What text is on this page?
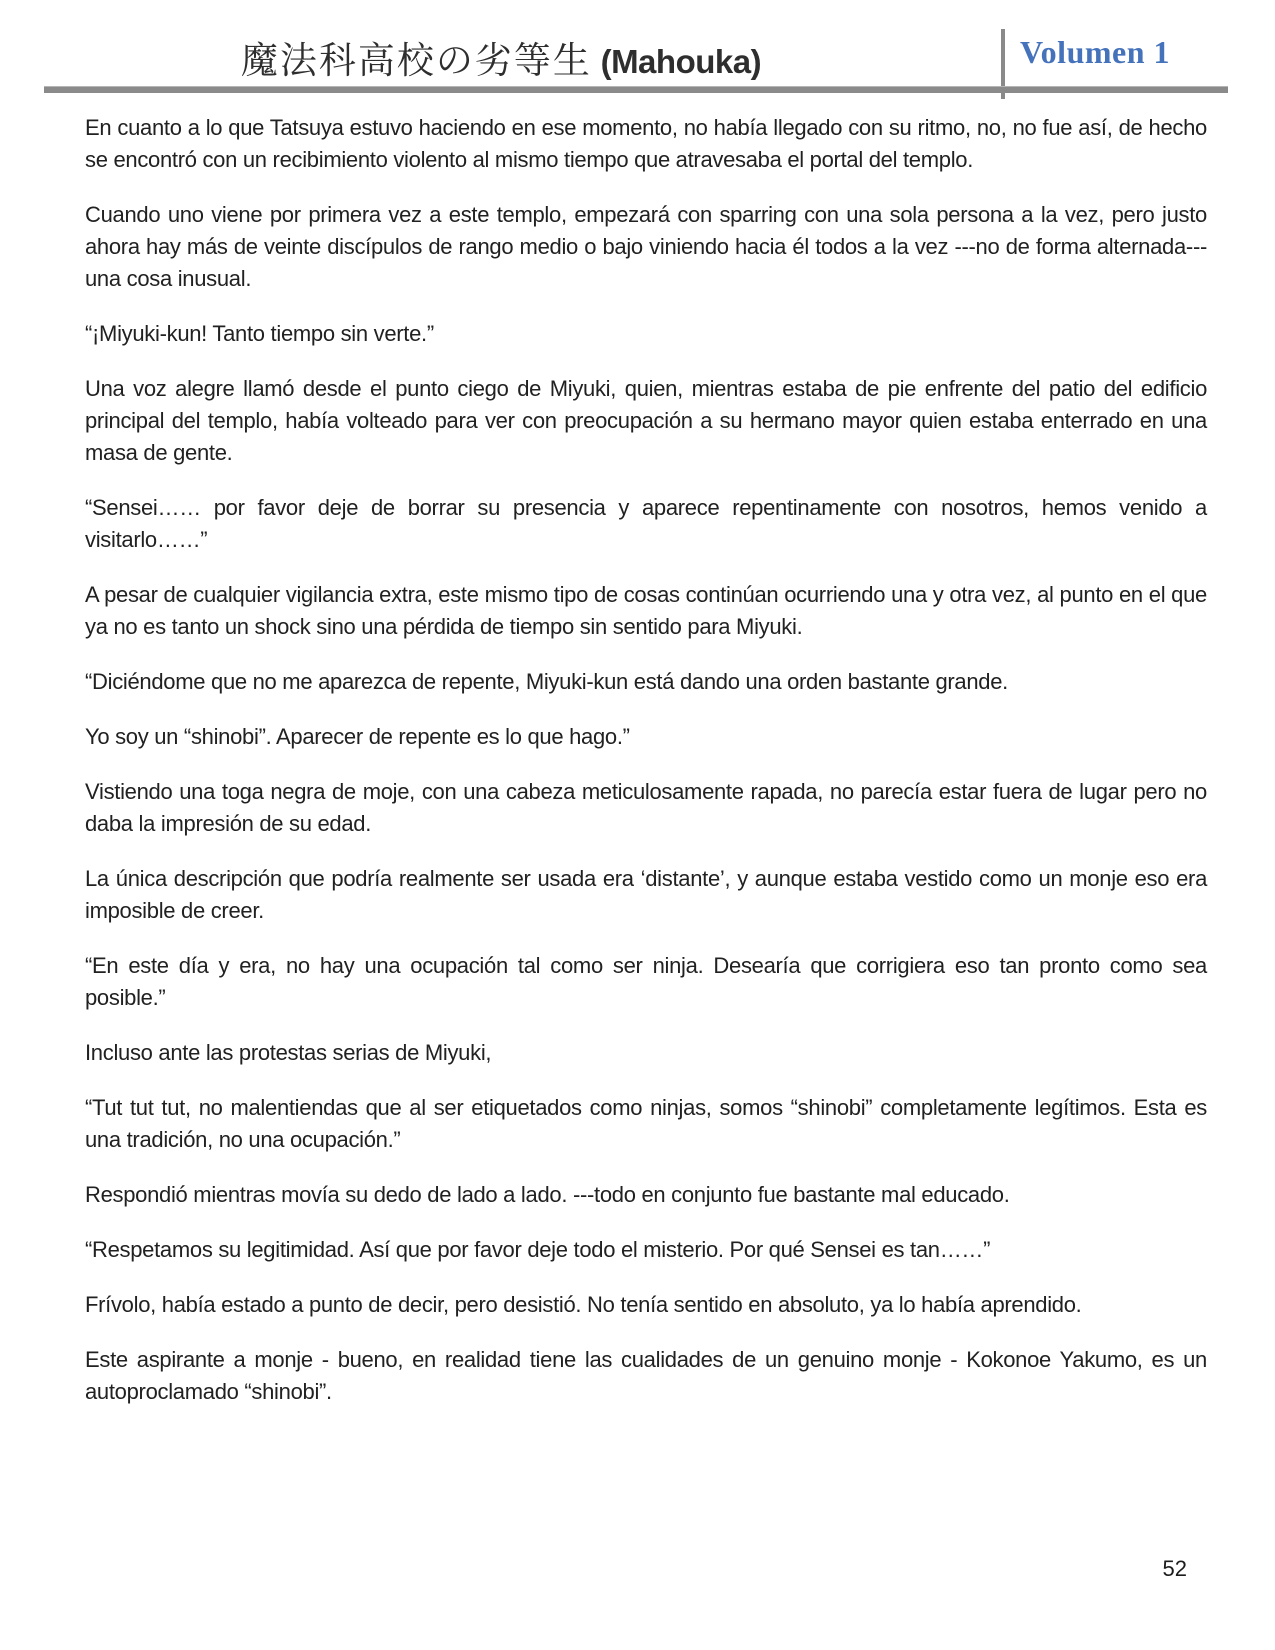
魔法科高校の劣等生 (Mahouka)	Volumen 1

En cuanto a lo que Tatsuya estuvo haciendo en ese momento, no había llegado con su ritmo, no, no fue así, de hecho se encontró con un recibimiento violento al mismo tiempo que atravesaba el portal del templo.

Cuando uno viene por primera vez a este templo, empezará con sparring con una sola persona a la vez, pero justo ahora hay más de veinte discípulos de rango medio o bajo viniendo hacia él todos a la vez ---no de forma alternada--- una cosa inusual.

“¡Miyuki-kun! Tanto tiempo sin verte.”

Una voz alegre llamó desde el punto ciego de Miyuki, quien, mientras estaba de pie enfrente del patio del edificio principal del templo, había volteado para ver con preocupación a su hermano mayor quien estaba enterrado en una masa de gente.

“Sensei…… por favor deje de borrar su presencia y aparece repentinamente con nosotros, hemos venido a visitarlo……”

A pesar de cualquier vigilancia extra, este mismo tipo de cosas continúan ocurriendo una y otra vez, al punto en el que ya no es tanto un shock sino una pérdida de tiempo sin sentido para Miyuki.

“Diciéndome que no me aparezca de repente, Miyuki-kun está dando una orden bastante grande.

Yo soy un “shinobi”. Aparecer de repente es lo que hago.”

Vistiendo una toga negra de moje, con una cabeza meticulosamente rapada, no parecía estar fuera de lugar pero no daba la impresión de su edad.

La única descripción que podría realmente ser usada era ‘distante’, y aunque estaba vestido como un monje eso era imposible de creer.

“En este día y era, no hay una ocupación tal como ser ninja. Desearía que corrigiera eso tan pronto como sea posible.”

Incluso ante las protestas serias de Miyuki,

“Tut tut tut, no malentiendas que al ser etiquetados como ninjas, somos “shinobi” completamente legítimos. Esta es una tradición, no una ocupación.”

Respondió mientras movía su dedo de lado a lado. ---todo en conjunto fue bastante mal educado.

“Respetamos su legitimidad. Así que por favor deje todo el misterio. Por qué Sensei es tan……”

Frívolo, había estado a punto de decir, pero desistió. No tenía sentido en absoluto, ya lo había aprendido.

Este aspirante a monje - bueno, en realidad tiene las cualidades de un genuino monje - Kokonoe Yakumo, es un autoproclamado “shinobi”.

52
